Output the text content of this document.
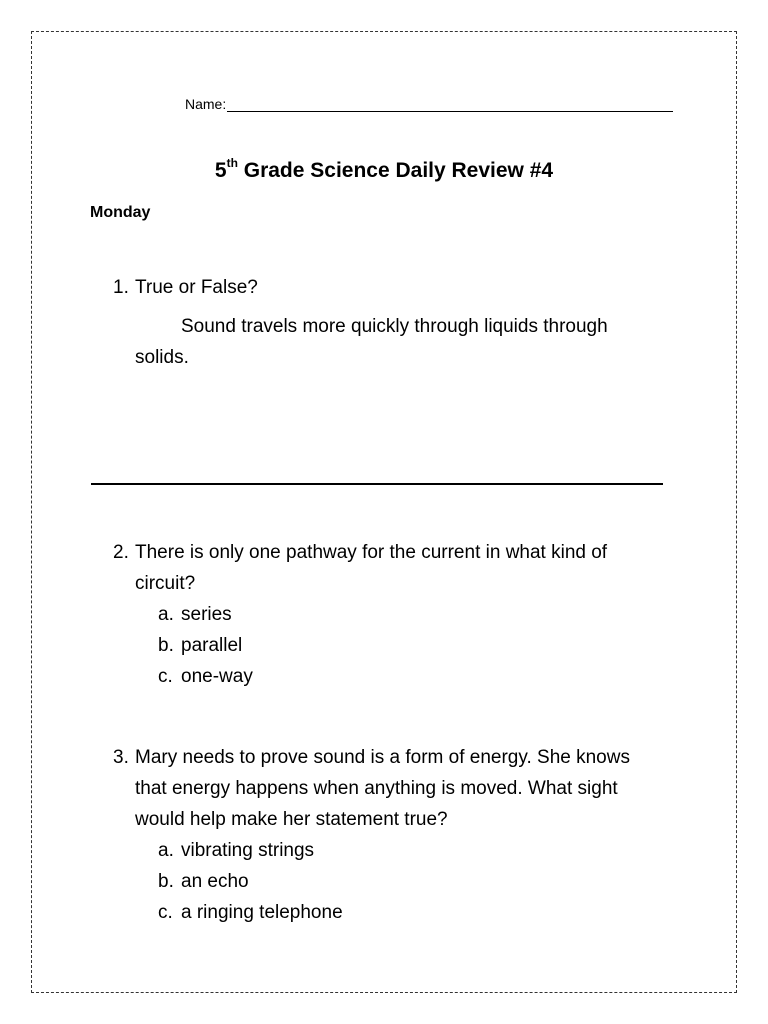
Name:
5th Grade Science Daily Review #4
Monday
1. True or False?
Sound travels more quickly through liquids through
solids.
2. There is only one pathway for the current in what kind of
circuit?
a. series
b. parallel
c. one-way
3. Mary needs to prove sound is a form of energy. She knows
that energy happens when anything is moved. What sight
would help make her statement true?
a. vibrating strings
b. an echo
c. a ringing telephone
